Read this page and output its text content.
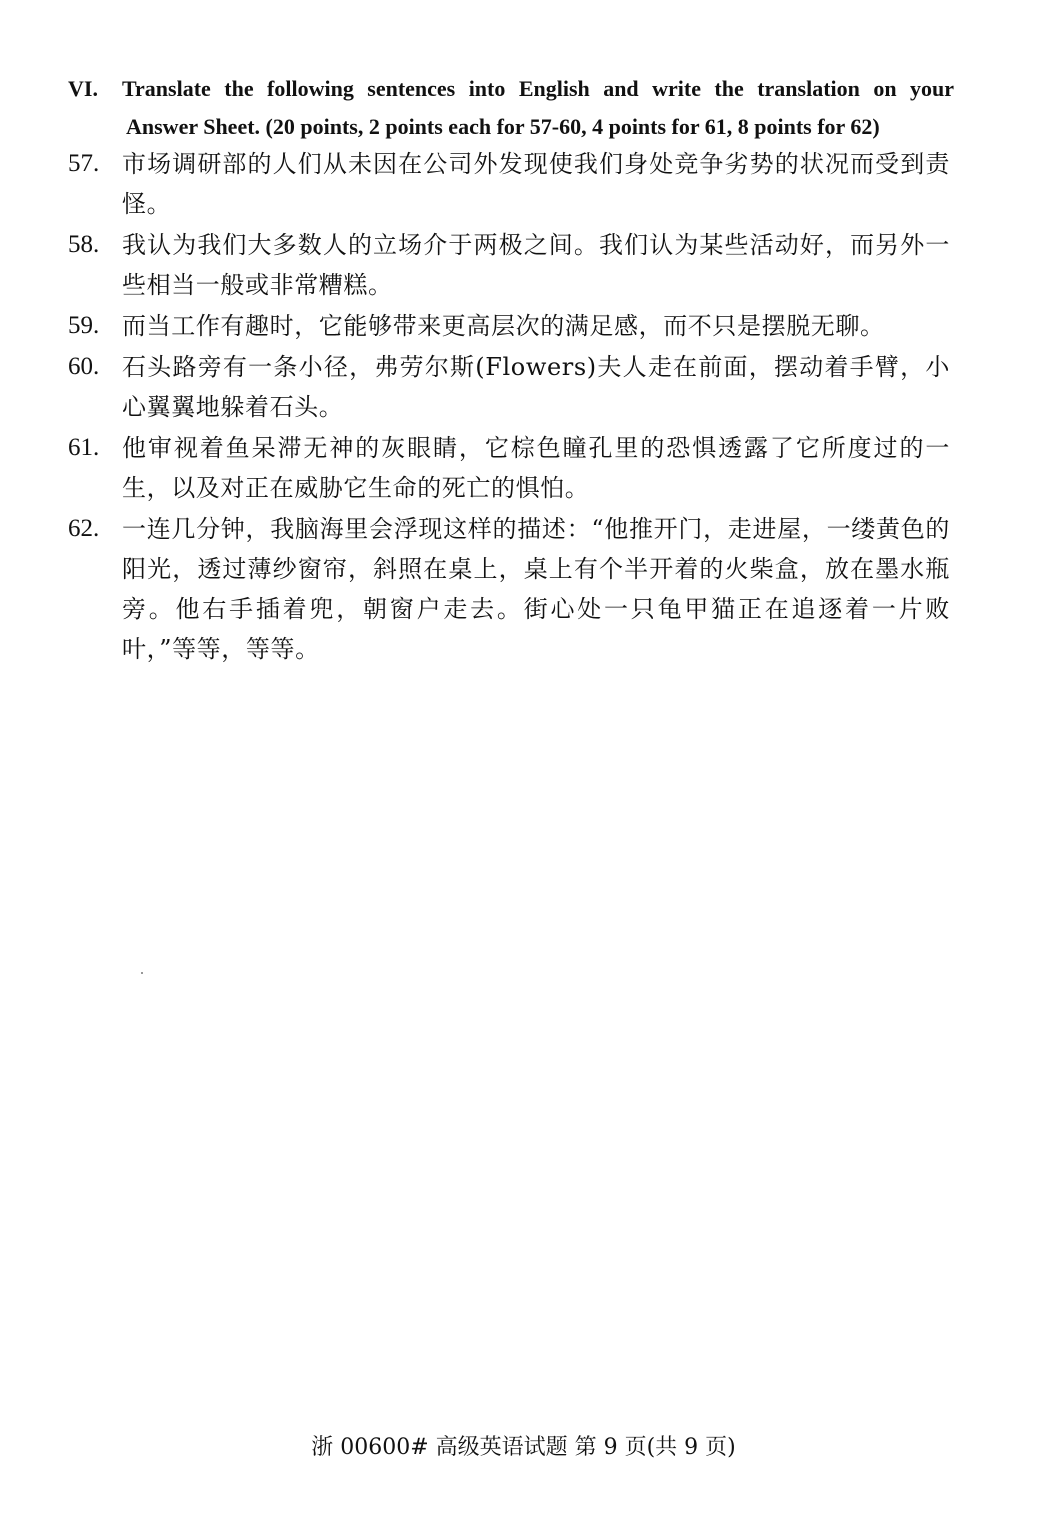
VI. Translate the following sentences into English and write the translation on your
Answer Sheet. (20 points, 2 points each for 57-60, 4 points for 61, 8 points for 62)
57. 市场调研部的人们从未因在公司外发现使我们身处竞争劣势的状况而受到责怪。
58. 我认为我们大多数人的立场介于两极之间。我们认为某些活动好，而另外一些相当一般或非常糟糕。
59. 而当工作有趣时，它能够带来更高层次的满足感，而不只是摆脱无聊。
60. 石头路旁有一条小径，弗劳尔斯(Flowers)夫人走在前面，摆动着手臂，小心翼翼地躲着石头。
61. 他审视着鱼呆滞无神的灰眼睛，它棕色瞳孔里的恐惧透露了它所度过的一生，以及对正在威胁它生命的死亡的惧怕。
62. 一连几分钟，我脑海里会浮现这样的描述：“他推开门，走进屋，一缕黄色的阳光，透过薄纱窗帘，斜照在桌上，桌上有个半开着的火柴盒，放在墨水瓶旁。他右手插着兜，朝窗户走去。街心处一只龟甲猫正在追逐着一片败叶，”等等，等等。
浙 00600# 高级英语试题 第 9 页(共 9 页)
